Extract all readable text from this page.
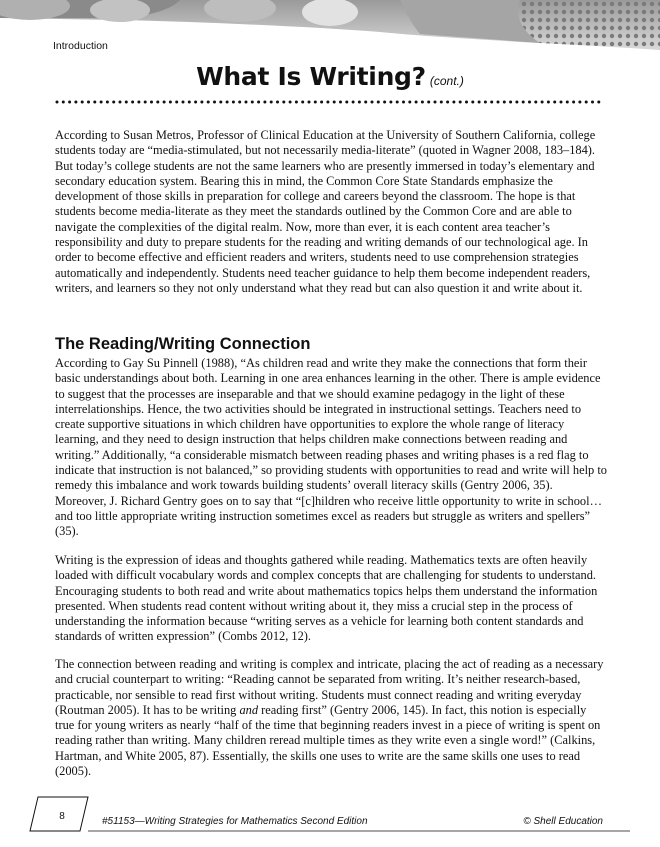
Introduction
What Is Writing? (cont.)

According to Susan Metros, Professor of Clinical Education at the University of Southern California, college students today are “media-stimulated, but not necessarily media-literate” (quoted in Wagner 2008, 183–184). But today’s college students are not the same learners who are presently immersed in today’s elementary and secondary education system. Bearing this in mind, the Common Core State Standards emphasize the development of those skills in preparation for college and careers beyond the classroom. The hope is that students become media-literate as they meet the standards outlined by the Common Core and are able to navigate the complexities of the digital realm. Now, more than ever, it is each content area teacher’s responsibility and duty to prepare students for the reading and writing demands of our technological age. In order to become effective and efficient readers and writers, students need to use comprehension strategies automatically and independently. Students need teacher guidance to help them become independent readers, writers, and learners so they not only understand what they read but can also question it and write about it.

The Reading/Writing Connection

According to Gay Su Pinnell (1988), “As children read and write they make the connections that form their basic understandings about both. Learning in one area enhances learning in the other. There is ample evidence to suggest that the processes are inseparable and that we should examine pedagogy in the light of these interrelationships. Hence, the two activities should be integrated in instructional settings. Teachers need to create supportive situations in which children have opportunities to explore the whole range of literacy learning, and they need to design instruction that helps children make connections between reading and writing.” Additionally, “a considerable mismatch between reading phases and writing phases is a red flag to indicate that instruction is not balanced,” so providing students with opportunities to read and write will help to remedy this imbalance and work towards building students’ overall literacy skills (Gentry 2006, 35). Moreover, J. Richard Gentry goes on to say that “[c]hildren who receive little opportunity to write in school…and too little appropriate writing instruction sometimes excel as readers but struggle as writers and spellers” (35).

Writing is the expression of ideas and thoughts gathered while reading. Mathematics texts are often heavily loaded with difficult vocabulary words and complex concepts that are challenging for students to understand. Encouraging students to both read and write about mathematics topics helps them understand the information presented. When students read content without writing about it, they miss a crucial step in the process of understanding the information because “writing serves as a vehicle for learning both content standards and standards of written expression” (Combs 2012, 12).

The connection between reading and writing is complex and intricate, placing the act of reading as a necessary and crucial counterpart to writing: “Reading cannot be separated from writing. It’s neither research-based, practicable, nor sensible to read first without writing. Students must connect reading and writing everyday (Routman 2005). It has to be writing and reading first” (Gentry 2006, 145). In fact, this notion is especially true for young writers as nearly “half of the time that beginning readers invest in a piece of writing is spent on reading rather than writing. Many children reread multiple times as they write even a single word!” (Calkins, Hartman, and White 2005, 87). Essentially, the skills one uses to write are the same skills one uses to read (2005).

8	#51153—Writing Strategies for Mathematics Second Edition	© Shell Education
